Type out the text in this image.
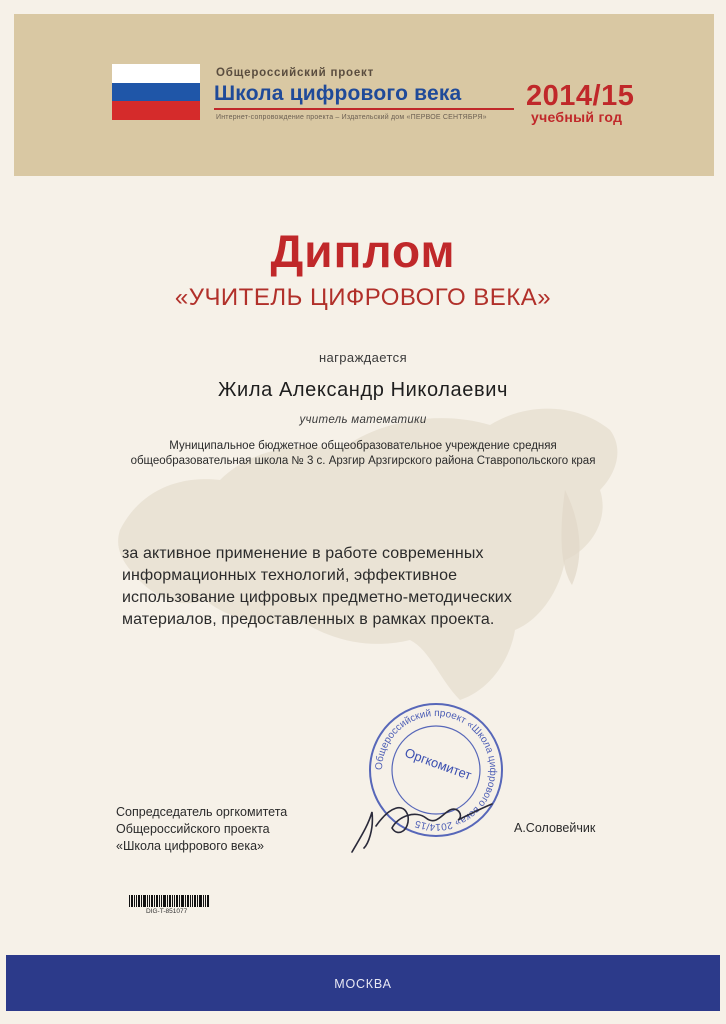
Общероссийский проект
Школа цифрового века
Интернет-сопровождение проекта – Издательский дом «ПЕРВОЕ СЕНТЯБРЯ»
2014/15
учебный год
Диплом
«УЧИТЕЛЬ ЦИФРОВОГО ВЕКА»
награждается
Жила Александр Николаевич
учитель математики
Муниципальное бюджетное общеобразовательное учреждение средняя
общеобразовательная школа № 3 с. Арзгир Арзгирского района Ставропольского края
за активное применение в работе современных
информационных технологий, эффективное
использование цифровых предметно-методических
материалов, предоставленных в рамках проекта.
Общероссийский проект «Школа цифрового века» 2014/15
Оргкомитет
Сопредседатель оргкомитета
Общероссийского проекта
«Школа цифрового века»
А.Соловейчик
DIG-T-851077
МОСКВА
